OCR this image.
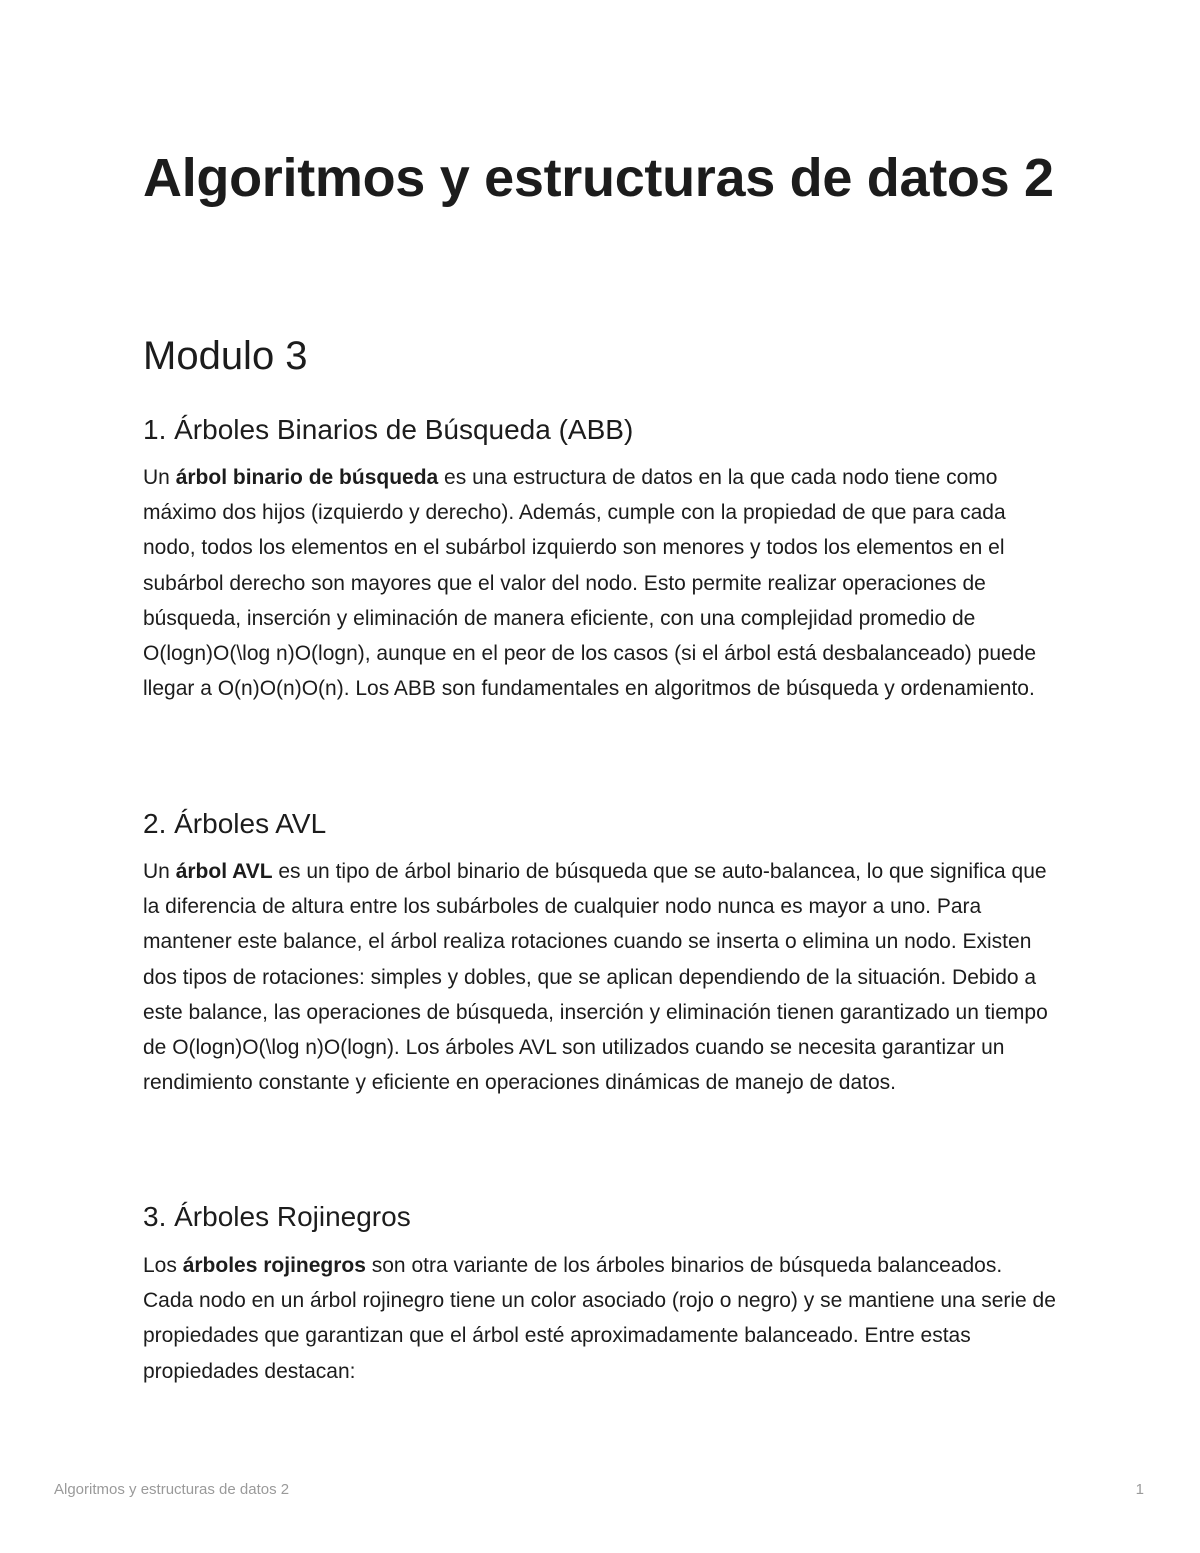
Algoritmos y estructuras de datos 2
Modulo 3
1. Árboles Binarios de Búsqueda (ABB)

Un árbol binario de búsqueda es una estructura de datos en la que cada nodo tiene como máximo dos hijos (izquierdo y derecho). Además, cumple con la propiedad de que para cada nodo, todos los elementos en el subárbol izquierdo son menores y todos los elementos en el subárbol derecho son mayores que el valor del nodo. Esto permite realizar operaciones de búsqueda, inserción y eliminación de manera eficiente, con una complejidad promedio de O(logn)O(\log n)O(logn), aunque en el peor de los casos (si el árbol está desbalanceado) puede llegar a O(n)O(n)O(n). Los ABB son fundamentales en algoritmos de búsqueda y ordenamiento.

2. Árboles AVL

Un árbol AVL es un tipo de árbol binario de búsqueda que se auto-balancea, lo que significa que la diferencia de altura entre los subárboles de cualquier nodo nunca es mayor a uno. Para mantener este balance, el árbol realiza rotaciones cuando se inserta o elimina un nodo. Existen dos tipos de rotaciones: simples y dobles, que se aplican dependiendo de la situación. Debido a este balance, las operaciones de búsqueda, inserción y eliminación tienen garantizado un tiempo de O(logn)O(\log n)O(logn). Los árboles AVL son utilizados cuando se necesita garantizar un rendimiento constante y eficiente en operaciones dinámicas de manejo de datos.

3. Árboles Rojinegros

Los árboles rojinegros son otra variante de los árboles binarios de búsqueda balanceados. Cada nodo en un árbol rojinegro tiene un color asociado (rojo o negro) y se mantiene una serie de propiedades que garantizan que el árbol esté aproximadamente balanceado. Entre estas propiedades destacan:

Algoritmos y estructuras de datos 2	1
